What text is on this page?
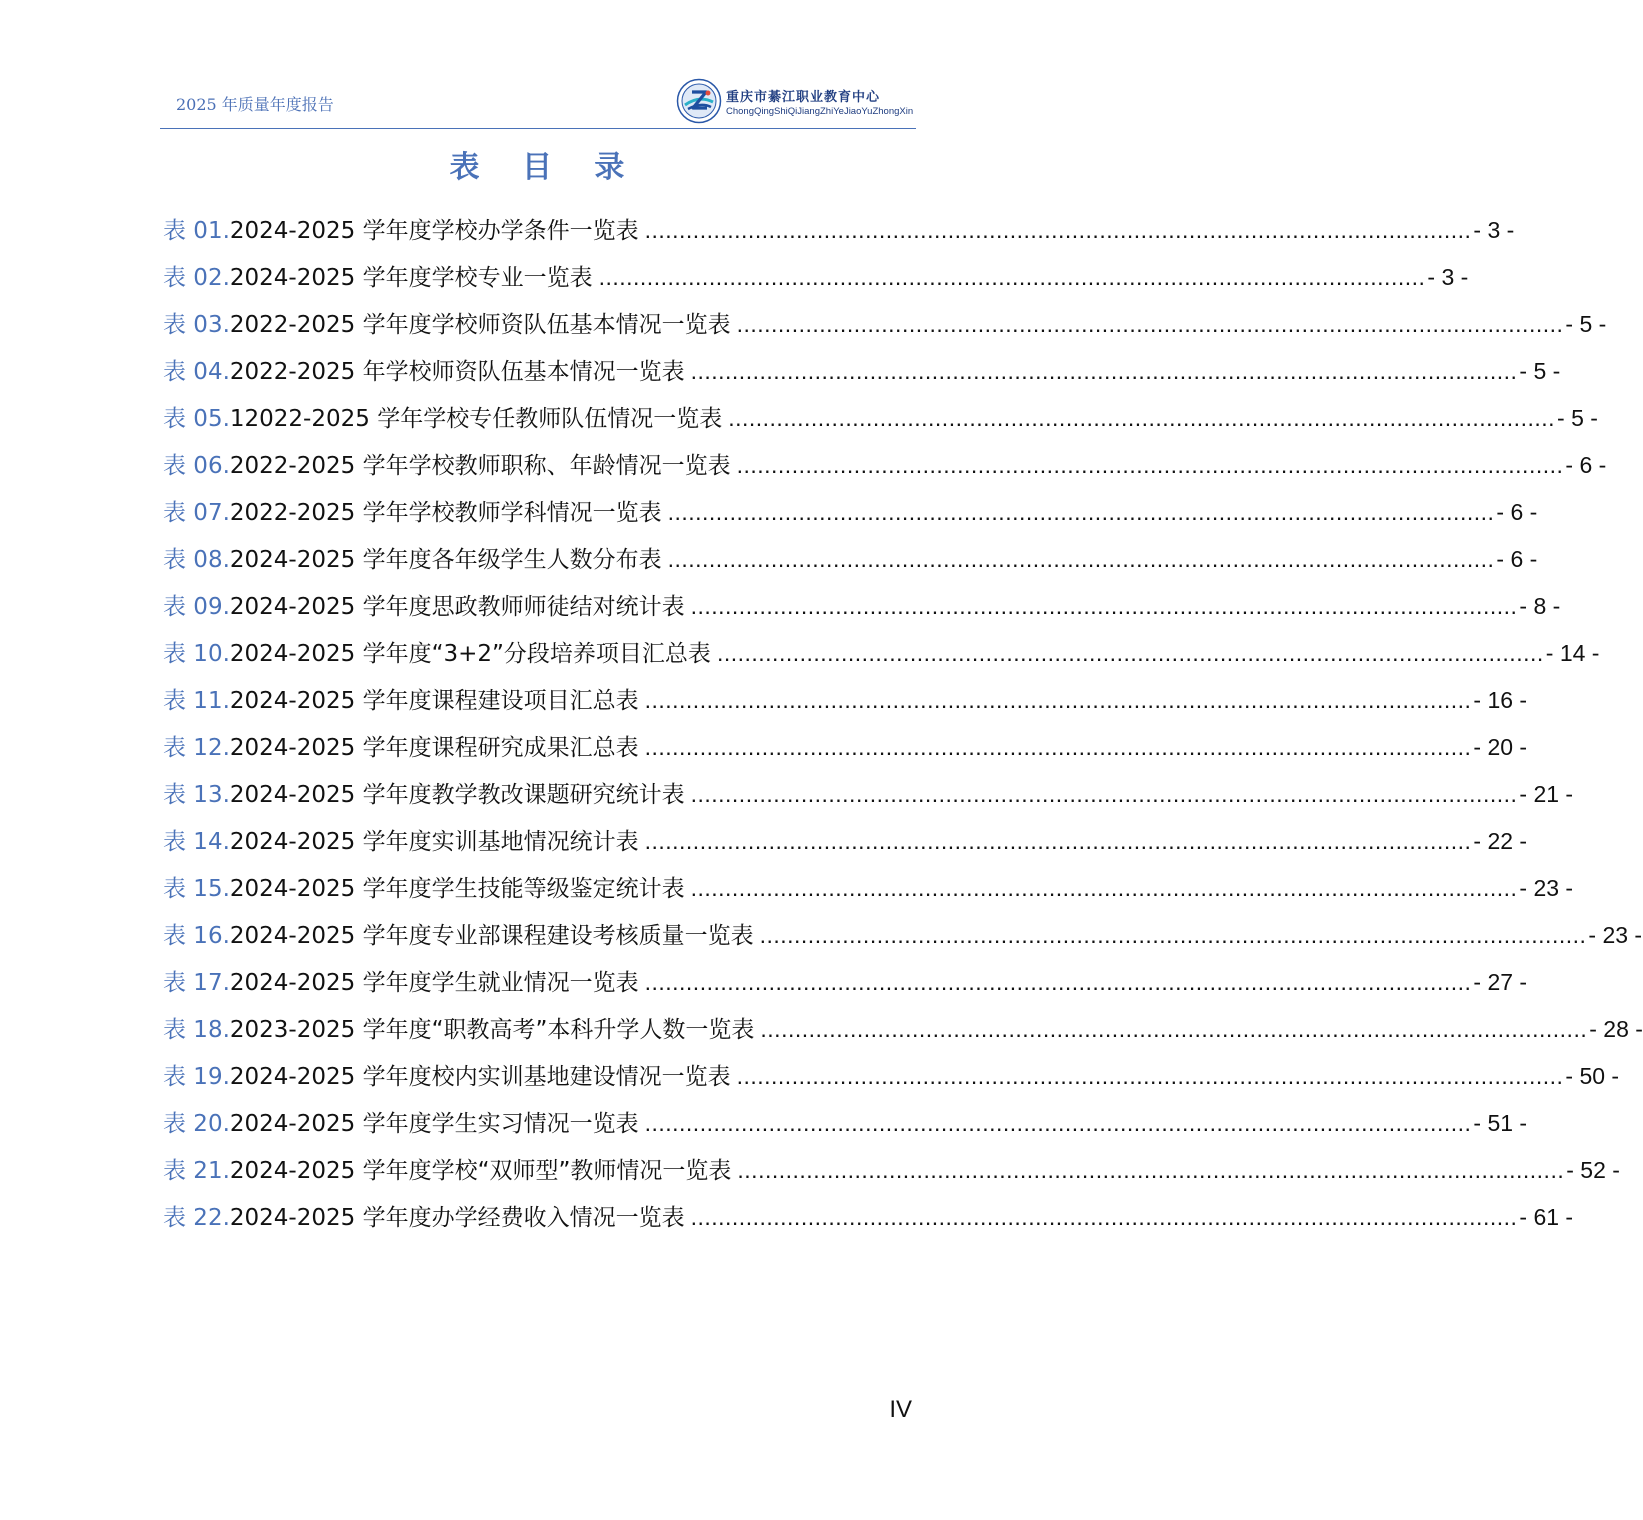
2025 年质量年度报告	重庆市綦江职业教育中心
ChongQingShiQiJiangZhiYeJiaoYuZhongXin
表 目 录
表 01. 2024-2025 学年度学校办学条件一览表 ........................................................................................................................ - 3 -
表 02. 2024-2025 学年度学校专业一览表 ........................................................................................................................ - 3 -
表 03. 2022-2025 学年度学校师资队伍基本情况一览表 ........................................................................................................................ - 5 -
表 04. 2022-2025 年学校师资队伍基本情况一览表 ........................................................................................................................ - 5 -
表 05. 12022-2025 学年学校专任教师队伍情况一览表 ........................................................................................................................ - 5 -
表 06. 2022-2025 学年学校教师职称、年龄情况一览表 ........................................................................................................................ - 6 -
表 07. 2022-2025 学年学校教师学科情况一览表 ........................................................................................................................ - 6 -
表 08. 2024-2025 学年度各年级学生人数分布表 ........................................................................................................................ - 6 -
表 09. 2024-2025 学年度思政教师师徒结对统计表 ........................................................................................................................ - 8 -
表 10. 2024-2025 学年度“3+2”分段培养项目汇总表 ........................................................................................................................ - 14 -
表 11. 2024-2025 学年度课程建设项目汇总表 ........................................................................................................................ - 16 -
表 12. 2024-2025 学年度课程研究成果汇总表 ........................................................................................................................ - 20 -
表 13. 2024-2025 学年度教学教改课题研究统计表 ........................................................................................................................ - 21 -
表 14. 2024-2025 学年度实训基地情况统计表 ........................................................................................................................ - 22 -
表 15. 2024-2025 学年度学生技能等级鉴定统计表 ........................................................................................................................ - 23 -
表 16. 2024-2025 学年度专业部课程建设考核质量一览表 ........................................................................................................................ - 23 -
表 17. 2024-2025 学年度学生就业情况一览表 ........................................................................................................................ - 27 -
表 18. 2023-2025 学年度“职教高考”本科升学人数一览表 ........................................................................................................................ - 28 -
表 19. 2024-2025 学年度校内实训基地建设情况一览表 ........................................................................................................................ - 50 -
表 20. 2024-2025 学年度学生实习情况一览表 ........................................................................................................................ - 51 -
表 21. 2024-2025 学年度学校“双师型”教师情况一览表 ........................................................................................................................ - 52 -
表 22. 2024-2025 学年度办学经费收入情况一览表 ........................................................................................................................ - 61 -
IV
